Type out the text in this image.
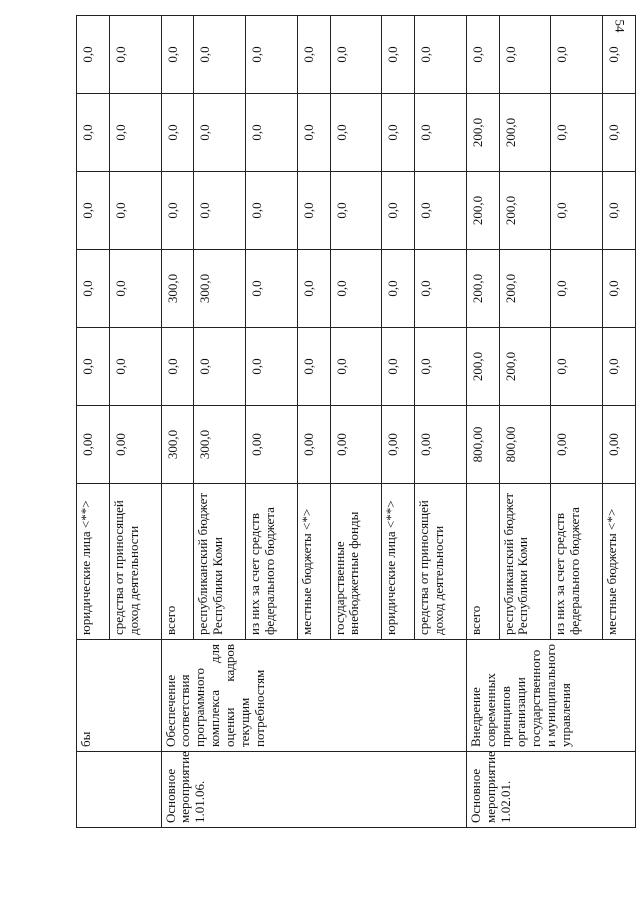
54
	бы	юридические лица <**>	0,00	0,0	0,0	0,0	0,0	0,0
		средства от приносящей доход деятельности	0,00	0,0	0,0	0,0	0,0	0,0
Основное мероприятие 1.01.06.	Обеспечение соответствия программного комплекса для оценки кадров текущим потребностям	всего	300,0	0,0	300,0	0,0	0,0	0,0
		республиканский бюджет Республики Коми	300,0	0,0	300,0	0,0	0,0	0,0
		из них за счет средств федерального бюджета	0,00	0,0	0,0	0,0	0,0	0,0
		местные бюджеты <*>	0,00	0,0	0,0	0,0	0,0	0,0
		государственные внебюджетные фонды	0,00	0,0	0,0	0,0	0,0	0,0
		юридические лица <**>	0,00	0,0	0,0	0,0	0,0	0,0
		средства от приносящей доход деятельности	0,00	0,0	0,0	0,0	0,0	0,0
Основное мероприятие 1.02.01.	Внедрение современных принципов организации государственного и муниципального управления	всего	800,00	200,0	200,0	200,0	200,0	0,0
		республиканский бюджет Республики Коми	800,00	200,0	200,0	200,0	200,0	0,0
		из них за счет средств федерального бюджета	0,00	0,0	0,0	0,0	0,0	0,0
		местные бюджеты <*>	0,00	0,0	0,0	0,0	0,0	0,0
